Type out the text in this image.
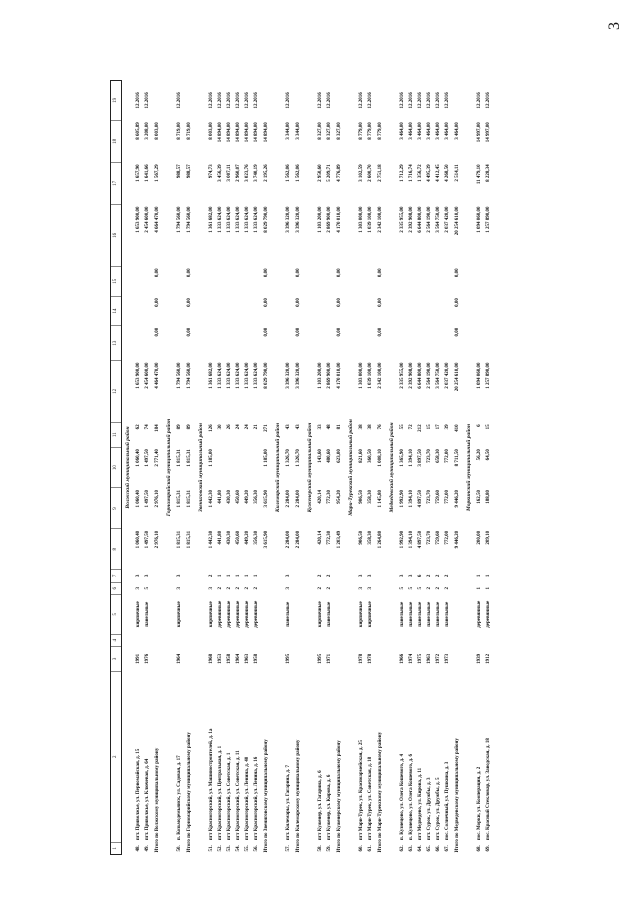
3
1	2	3	4	5	6	7	8	9	10	11	12	13	14	15	16	17	18	19
Волжский муниципальный район																		
48.	пгт. Приволжье, ул. Первомайская, д. 15	1991		кирпичные	3	3	1 060,40	1 060,40	1 060,40	62	1 653 900,00				1 653 900,00	1 657,90	8 605,89	12.2016
49.	пгт. Приволжье, ул. Ключевая, д. 64	1976		панельные	5	3	1 497,50	1 497,50	1 497,50	74	2 454 600,00				2 454 600,00	1 641,66	3 208,00	12.2016
Итого по Волжскому муниципальному району							2 976,10	2 976,10	2 771,40	184	4 464 470,00	0,00	0,00	0,00	4 664 470,00	1 567,29	8 003,00	
Горномарийский муниципальный район																		
50.	п. Козьмодемьянск, ул. Садовая, д. 17	1964		кирпичные	3	3	1 815,31	1 815,31	1 815,31	89	1 794 560,00				1 794 560,00	988,57	8 719,00	12.2016
Итого по Горномарийскому муниципальному району							1 815,31	1 815,31	1 815,31	89	1 794 560,00	0,00	0,00	0,00	1 794 560,00	988,57	8 719,00	
Звениговский муниципальный район																		
51.	пгт Красногорский, ул. Машиностроителей, д. 1а	1968		кирпичные	3	2	1 442,30	1 442,30	1 185,00	126	1 361 682,00				1 361 682,00	974,73	8 003,00	12.2016
52.	пгт Красногорский, ул. Центральная, д. 1	1953		деревянные	2	1	441,80	441,80		30	1 333 624,00				1 333 624,00	3 456,39	14 894,00	12.2016
53.	пгт Красногорский, ул. Советская, д. 1	1958		деревянные	2	1	430,30	430,30		26	1 333 624,00				1 333 624,00	3 007,11	14 894,00	12.2016
54.	пгт Красногорский, ул. Советская, д. 11	1964		деревянные	2	1	450,60	450,60		24	1 333 624,00				1 333 624,00	2 960,07	14 894,00	12.2016
55.	пгт Красногорский, ул. Ленина, д. 40	1963		деревянные	2	1	449,20	449,20		24	1 333 624,00				1 333 624,00	3 023,76	14 894,00	12.2016
56.	пгт Красногорский, ул. Ленина, д. 16	1958		деревянные	2	1	356,30	356,30		21	1 333 624,00				1 333 624,00	3 740,19	14 894,00	12.2016
Итого по Звениговскому муниципальному району							3 615,90	3 615,90	1 185,00	271	8 029 790,00	0,00	0,00	0,00	8 029 790,00	2 195,26	14 894,00	
Килемарский муниципальный район																		
57.	пгт. Килемары, ул. Гагарина, д. 7	1995		панельные	3	3	2 284,00	2 284,00	1 326,70	43	3 396 320,00				3 396 320,00	1 562,06	3 344,00	12.2016
Итого по Килемарскому муниципальному району							2 284,00	2 284,00	1 326,70	43	3 396 320,00	0,00	0,00	0,00	3 396 320,00	1 562,06	3 344,00	
Куженерский муниципальный район																		
58.	пгт Куженер, ул. Гагарина, д. 6	1995		кирпичные	2	2	420,14	420,14	143,60	33	1 103 200,00				1 103 200,00	2 950,60	8 327,00	12.2016
59.	пгт Куженер, ул. Кирова, д. 6	1971		панельные	2	2	772,30	772,30	480,60	48	2 869 900,00				2 869 900,00	5 209,71	8 327,00	12.2016
Итого по Куженерскому муниципальному району							1 203,49	954,20	623,00	81	4 170 010,00	0,00	0,00	0,00	4 170 010,00	4 776,89	8 327,00	
Мари-Турекский муниципальный район																		
60.	пгт Мари-Турек, ул. Красноармейская, д. 25	1978		кирпичные	3	3	906,50	906,50	821,60	38	1 303 000,00				1 303 000,00	3 102,59	8 779,00	12.2016
61.	пгт Мари-Турек, ул. Советская, д. 18	1978		кирпичные	3	3	358,30	358,30	360,50	38	1 039 100,00				1 039 100,00	2 600,70	8 779,00	12.2016
Итого по Мари-Турекскому муниципальному району							1 264,80	1 145,80	1 008,10	76	2 342 100,00	0,00	0,00	0,00	2 342 100,00	2 751,18	8 779,00	
Медведевский муниципальный район																		
62.	п. Кузнецово, ул. Олега Кошевого, д. 4	1966		панельные	5	3	1 992,90	1 992,90	1 365,90	55	2 335 955,00				2 335 955,00	1 712,29	3 464,00	12.2016
63.	п. Кузнецово, ул. Олега Кошевого, д. 6	1974		панельные	5	3	1 394,10	1 394,10	1 394,10	72	2 392 908,00				2 392 908,00	1 716,74	3 464,00	12.2016
64.	пгт Медведево, ул. Кирова, д. 11	1975		панельные	5	6	4 897,50	4 897,50	3 897,50	212	6 644 800,00				6 644 800,00	1 356,72	3 464,00	12.2016
65.	пгт. Сурок, ул. Дружбы, д. 3	1963		панельные	2	2	723,70	723,70	723,70	15	2 564 190,00				2 564 190,00	4 495,39	3 464,00	12.2016
66.	пгт. Сурок, ул. Дружбы, д. 5	1972		панельные	2	2	759,60	759,60	658,30	17	3 564 750,00				3 564 750,00	4 412,45	3 464,00	12.2016
67.	пос. Солнечный, ул. Пушкина, д. 3	1973		панельные	2	2	772,00	772,00	772,00	39	2 037 420,00				2 037 420,00	4 268,50	3 464,00	12.2016
Итого по Медведевскому муниципальному району							9 446,20	9 446,20	8 711,50	410	20 254 610,00	0,00	0,00	0,00	20 254 610,00	2 514,11	3 464,00	
Моркинский муниципальный район																		
68.	пос. Морки, ул. Кооперации, д. 2	1939		деревянные	1	1	200,00	162,50	56,20	6	1 094 060,00				1 094 060,00	11 479,10	14 997,00	12.2016
69.	пос. Красный Стекловар, ул. Заводская, д. 18	1912		деревянные	1	1	209,10	188,80	64,50	15	1 257 890,00				1 257 890,00	8 228,34	14 997,00	12.2016
